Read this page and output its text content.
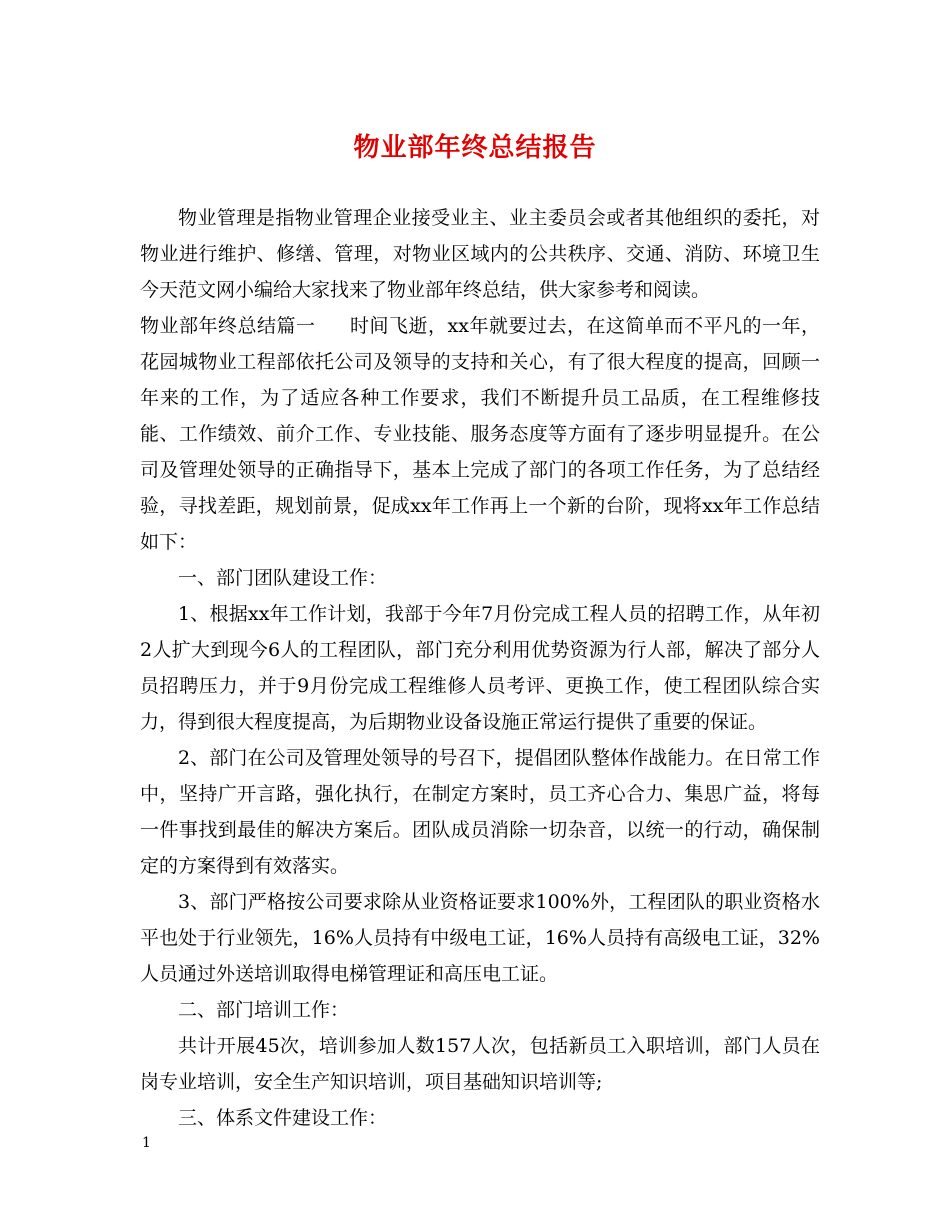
物业部年终总结报告

物业管理是指物业管理企业接受业主、业主委员会或者其他组织的委托，对物业进行维护、修缮、管理，对物业区域内的公共秩序、交通、消防、环境卫生今天范文网小编给大家找来了物业部年终总结，供大家参考和阅读。

物业部年终总结篇一 时间飞逝，xx年就要过去，在这简单而不平凡的一年，花园城物业工程部依托公司及领导的支持和关心，有了很大程度的提高，回顾一年来的工作，为了适应各种工作要求，我们不断提升员工品质，在工程维修技能、工作绩效、前介工作、专业技能、服务态度等方面有了逐步明显提升。在公司及管理处领导的正确指导下，基本上完成了部门的各项工作任务，为了总结经验，寻找差距，规划前景，促成xx年工作再上一个新的台阶，现将xx年工作总结如下：

一、部门团队建设工作：

1、根据xx年工作计划，我部于今年7月份完成工程人员的招聘工作，从年初2人扩大到现今6人的工程团队，部门充分利用优势资源为行人部，解决了部分人员招聘压力，并于9月份完成工程维修人员考评、更换工作，使工程团队综合实力，得到很大程度提高，为后期物业设备设施正常运行提供了重要的保证。

2、部门在公司及管理处领导的号召下，提倡团队整体作战能力。在日常工作中，坚持广开言路，强化执行，在制定方案时，员工齐心合力、集思广益，将每一件事找到最佳的解决方案后。团队成员消除一切杂音，以统一的行动，确保制定的方案得到有效落实。

3、部门严格按公司要求除从业资格证要求100%外，工程团队的职业资格水平也处于行业领先，16%人员持有中级电工证，16%人员持有高级电工证，32%人员通过外送培训取得电梯管理证和高压电工证。

二、部门培训工作：

共计开展45次，培训参加人数157人次，包括新员工入职培训，部门人员在岗专业培训，安全生产知识培训，项目基础知识培训等;

三、体系文件建设工作：

1
